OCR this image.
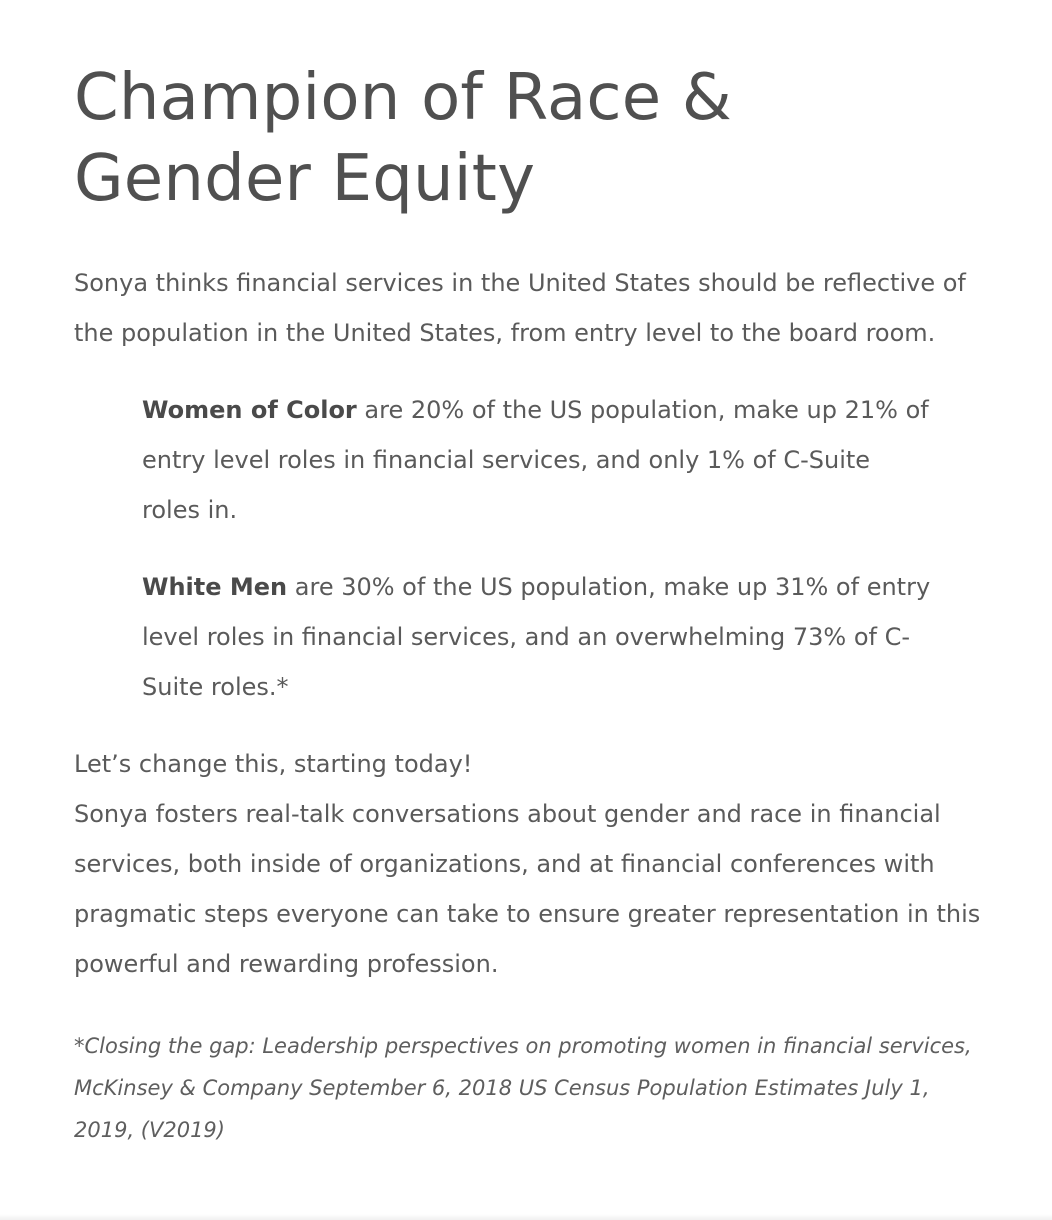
Champion of Race &
Gender Equity

Sonya thinks financial services in the United States should be reflective of the population in the United States, from entry level to the board room.

Women of Color are 20% of the US population, make up 21% of entry level roles in financial services, and only 1% of C-Suite roles in.

White Men are 30% of the US population, make up 31% of entry level roles in financial services, and an overwhelming 73% of C-Suite roles.*

Let’s change this, starting today!
Sonya fosters real-talk conversations about gender and race in financial services, both inside of organizations, and at financial conferences with pragmatic steps everyone can take to ensure greater representation in this powerful and rewarding profession.

*Closing the gap: Leadership perspectives on promoting women in financial services, McKinsey & Company September 6, 2018 US Census Population Estimates July 1, 2019, (V2019)
